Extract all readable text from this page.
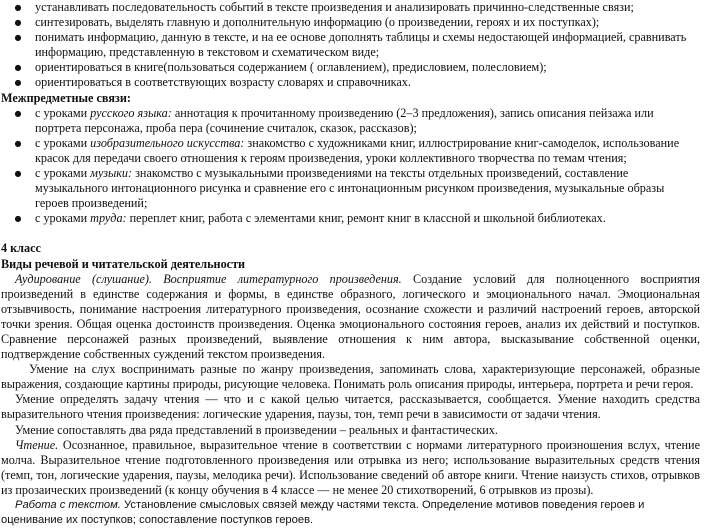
● устанавливать последовательность событий в тексте произведения и анализировать причинно-следственные связи;
● синтезировать, выделять главную и дополнительную информацию (о произведении, героях и их поступках);
● понимать информацию, данную в тексте, и на ее основе дополнять таблицы и схемы недостающей информацией, сравнивать информацию, представленную в текстовом и схематическом виде;
● ориентироваться в книге(пользоваться содержанием ( оглавлением), предисловием, полесловием);
● ориентироваться в соответствующих возрасту словарях и справочниках.
Межпредметные связи:
● с уроками русского языка: аннотация к прочитанному произведению (2–3 предложения), запись описания пейзажа или портрета персонажа, проба пера (сочинение считалок, сказок, рассказов);
● с уроками изобразительного искусства: знакомство с художниками книг, иллюстрирование книг-самоделок, использование красок для передачи своего отношения к героям произведения, уроки коллективного творчества по темам чтения;
● с уроками музыки: знакомство с музыкальными произведениями на тексты отдельных произведений, составление музыкального интонационного рисунка и сравнение его с интонационным рисунком произведения, музыкальные образы героев произведений;
● с уроками труда: переплет книг, работа с элементами книг, ремонт книг в классной и школьной библиотеках.
4 класс
Виды речевой и читательской деятельности
Аудирование (слушание). Восприятие литературного произведения. Создание условий для полноценного восприятия произведений в единстве содержания и формы, в единстве образного, логического и эмоционального начал. Эмоциональная отзывчивость, понимание настроения литературного произведения, осознание схожести и различий настроений героев, авторской точки зрения. Общая оценка достоинств произведения. Оценка эмоционального состояния героев, анализ их действий и поступков. Сравнение персонажей разных произведений, выявление отношения к ним автора, высказывание собственной оценки, подтверждение собственных суждений текстом произведения.
Умение на слух воспринимать разные по жанру произведения, запоминать слова, характеризующие персонажей, образные выражения, создающие картины природы, рисующие человека. Понимать роль описания природы, интерьера, портрета и речи героя.
Умение определять задачу чтения — что и с какой целью читается, рассказывается, сообщается. Умение находить средства выразительного чтения произведения: логические ударения, паузы, тон, темп речи в зависимости от задачи чтения.
Умение сопоставлять два ряда представлений в произведении – реальных и фантастических.
Чтение. Осознанное, правильное, выразительное чтение в соответствии с нормами литературного произношения вслух, чтение молча. Выразительное чтение подготовленного произведения или отрывка из него; использование выразительных средств чтения (темп, тон, логические ударения, паузы, мелодика речи). Использование сведений об авторе книги. Чтение наизусть стихов, отрывков из прозаических произведений (к концу обучения в 4 классе — не менее 20 стихотворений, 6 отрывков из прозы).
Работа с текстом. Установление смысловых связей между частями текста. Определение мотивов поведения героев и оценивание их поступков; сопоставление поступков героев.
